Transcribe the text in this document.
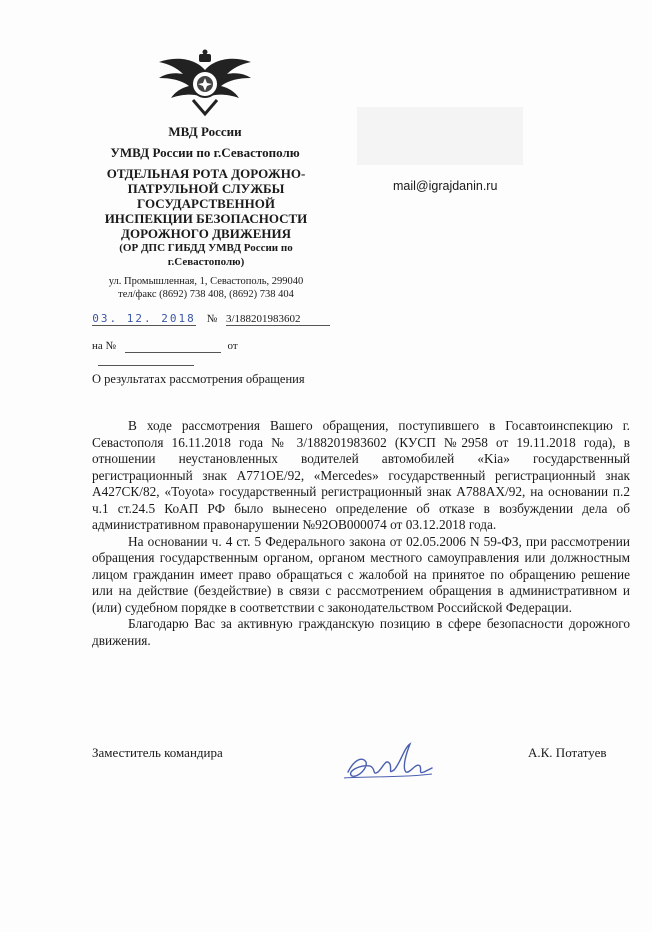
МВД России
УМВД России по г.Севастополю
ОТДЕЛЬНАЯ РОТА ДОРОЖНО-
ПАТРУЛЬНОЙ СЛУЖБЫ
ГОСУДАРСТВЕННОЙ
ИНСПЕКЦИИ БЕЗОПАСНОСТИ
ДОРОЖНОГО ДВИЖЕНИЯ
(ОР ДПС ГИБДД УМВД России по
г.Севастополю)
ул. Промышленная, 1, Севастополь, 299040
тел/факс (8692) 738 408, (8692) 738 404
mail@igrajdanin.ru
03. 12. 2018 № 3/188201983602
на №	от
О результатах рассмотрения обращения

В ходе рассмотрения Вашего обращения, поступившего в Госавтоинспекцию г. Севастополя 16.11.2018 года № 3/188201983602 (КУСП №2958 от 19.11.2018 года), в отношении неустановленных водителей автомобилей «Kia» государственный регистрационный знак А771ОЕ/92, «Mercedes» государственный регистрационный знак А427СК/82, «Toyota» государственный регистрационный знак А788АХ/92, на основании п.2 ч.1 ст.24.5 КоАП РФ было вынесено определение об отказе в возбуждении дела об административном правонарушении №92ОВ000074 от 03.12.2018 года.

На основании ч. 4 ст. 5 Федерального закона от 02.05.2006 N 59-ФЗ, при рассмотрении обращения государственным органом, органом местного самоуправления или должностным лицом гражданин имеет право обращаться с жалобой на принятое по обращению решение или на действие (бездействие) в связи с рассмотрением обращения в административном и (или) судебном порядке в соответствии с законодательством Российской Федерации.

Благодарю Вас за активную гражданскую позицию в сфере безопасности дорожного движения.

Заместитель командира	А.К. Потатуев
